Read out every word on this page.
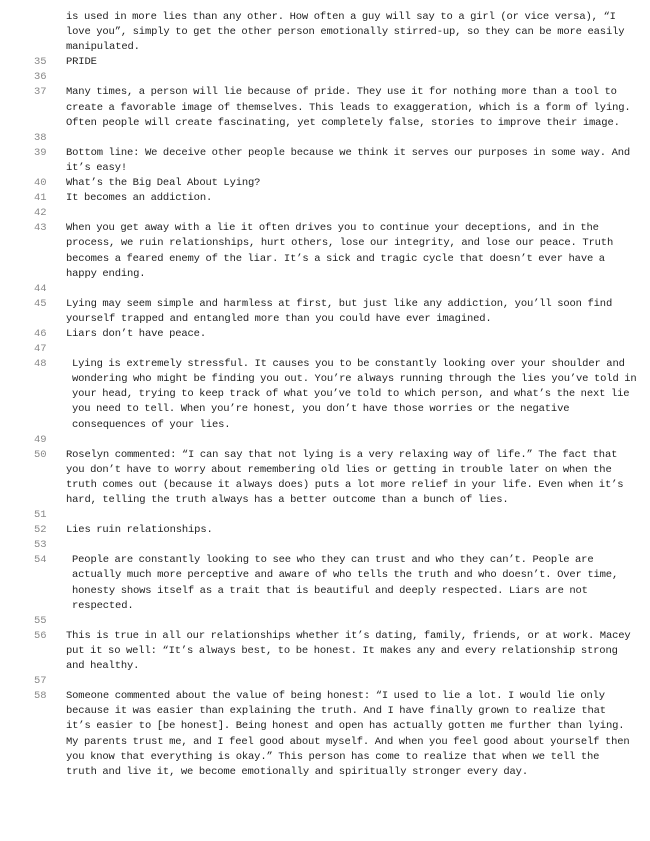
is used in more lies than any other. How often a guy will say to a girl (or vice versa), “I love you”, simply to get the other person emotionally stirred-up, so they can be more easily manipulated.
35	PRIDE
36

37	Many times, a person will lie because of pride. They use it for nothing more than a tool to create a favorable image of themselves. This leads to exaggeration, which is a form of lying. Often people will create fascinating, yet completely false, stories to improve their image.
38

39	Bottom line: We deceive other people because we think it serves our purposes in some way. And it’s easy!
40	What’s the Big Deal About Lying?
41	It becomes an addiction.
42

43	When you get away with a lie it often drives you to continue your deceptions, and in the process, we ruin relationships, hurt others, lose our integrity, and lose our peace. Truth becomes a feared enemy of the liar. It’s a sick and tragic cycle that doesn’t ever have a happy ending.
44

45	Lying may seem simple and harmless at first, but just like any addiction, you’ll soon find yourself trapped and entangled more than you could have ever imagined.
46	Liars don’t have peace.
47

48	Lying is extremely stressful. It causes you to be constantly looking over your shoulder and wondering who might be finding you out. You’re always running through the lies you’ve told in your head, trying to keep track of what you’ve told to which person, and what’s the next lie you need to tell. When you’re honest, you don’t have those worries or the negative consequences of your lies.
49

50	Roselyn commented: “I can say that not lying is a very relaxing way of life.” The fact that you don’t have to worry about remembering old lies or getting in trouble later on when the truth comes out (because it always does) puts a lot more relief in your life. Even when it’s hard, telling the truth always has a better outcome than a bunch of lies.
51

52	Lies ruin relationships.
53

54	People are constantly looking to see who they can trust and who they can’t. People are actually much more perceptive and aware of who tells the truth and who doesn’t. Over time, honesty shows itself as a trait that is beautiful and deeply respected. Liars are not respected.
55

56	This is true in all our relationships whether it’s dating, family, friends, or at work. Macey put it so well: “It’s always best, to be honest. It makes any and every relationship strong and healthy.
57

58	Someone commented about the value of being honest: “I used to lie a lot. I would lie only because it was easier than explaining the truth. And I have finally grown to realize that it’s easier to [be honest]. Being honest and open has actually gotten me further than lying. My parents trust me, and I feel good about myself. And when you feel good about yourself then you know that everything is okay.” This person has come to realize that when we tell the truth and live it, we become emotionally and spiritually stronger every day.
